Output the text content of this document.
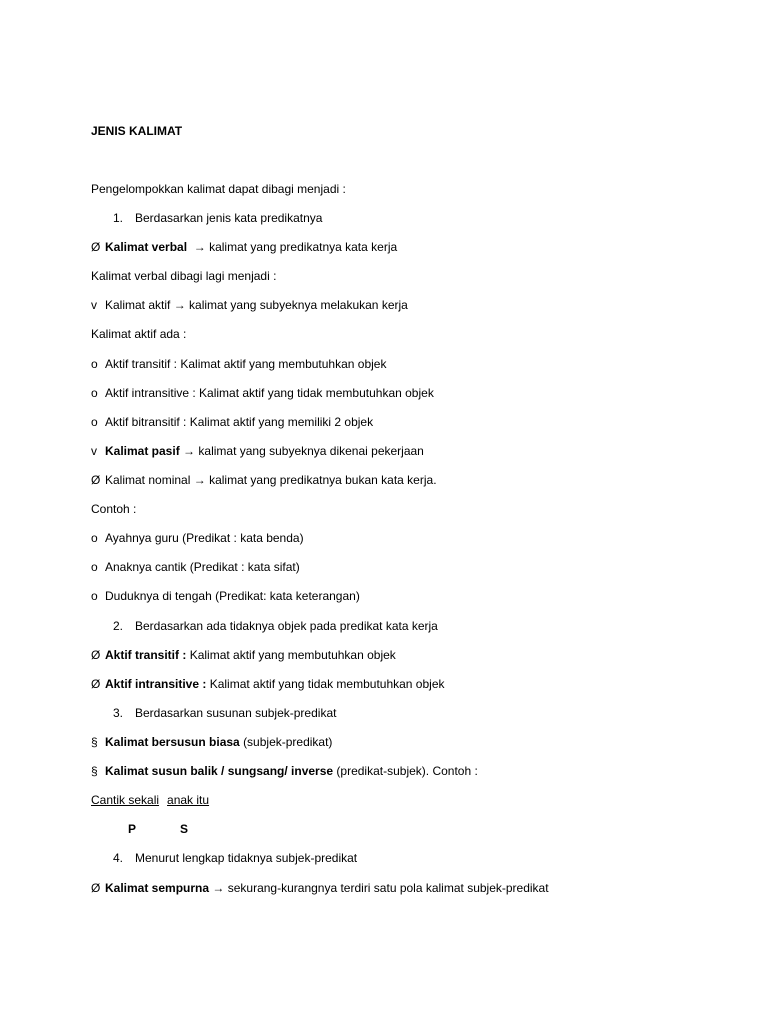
JENIS KALIMAT
Pengelompokkan kalimat dapat dibagi menjadi :
1. Berdasarkan jenis kata predikatnya
Ø Kalimat verbal → kalimat yang predikatnya kata kerja
Kalimat verbal dibagi lagi menjadi :
v Kalimat aktif → kalimat yang subyeknya melakukan kerja
Kalimat aktif ada :
o Aktif transitif : Kalimat aktif yang membutuhkan objek
o Aktif intransitive : Kalimat aktif yang tidak membutuhkan objek
o Aktif bitransitif : Kalimat aktif yang memiliki 2 objek
v Kalimat pasif → kalimat yang subyeknya dikenai pekerjaan
Ø Kalimat nominal → kalimat yang predikatnya bukan kata kerja.
Contoh :
o Ayahnya guru (Predikat : kata benda)
o Anaknya cantik (Predikat : kata sifat)
o Duduknya di tengah (Predikat: kata keterangan)
2. Berdasarkan ada tidaknya objek pada predikat kata kerja
Ø Aktif transitif : Kalimat aktif yang membutuhkan objek
Ø Aktif intransitive : Kalimat aktif yang tidak membutuhkan objek
3. Berdasarkan susunan subjek-predikat
§ Kalimat bersusun biasa (subjek-predikat)
§ Kalimat susun balik / sungsang/ inverse (predikat-subjek). Contoh :
Cantik sekali anak itu
P	S
4. Menurut lengkap tidaknya subjek-predikat
Ø Kalimat sempurna → sekurang-kurangnya terdiri satu pola kalimat subjek-predikat
